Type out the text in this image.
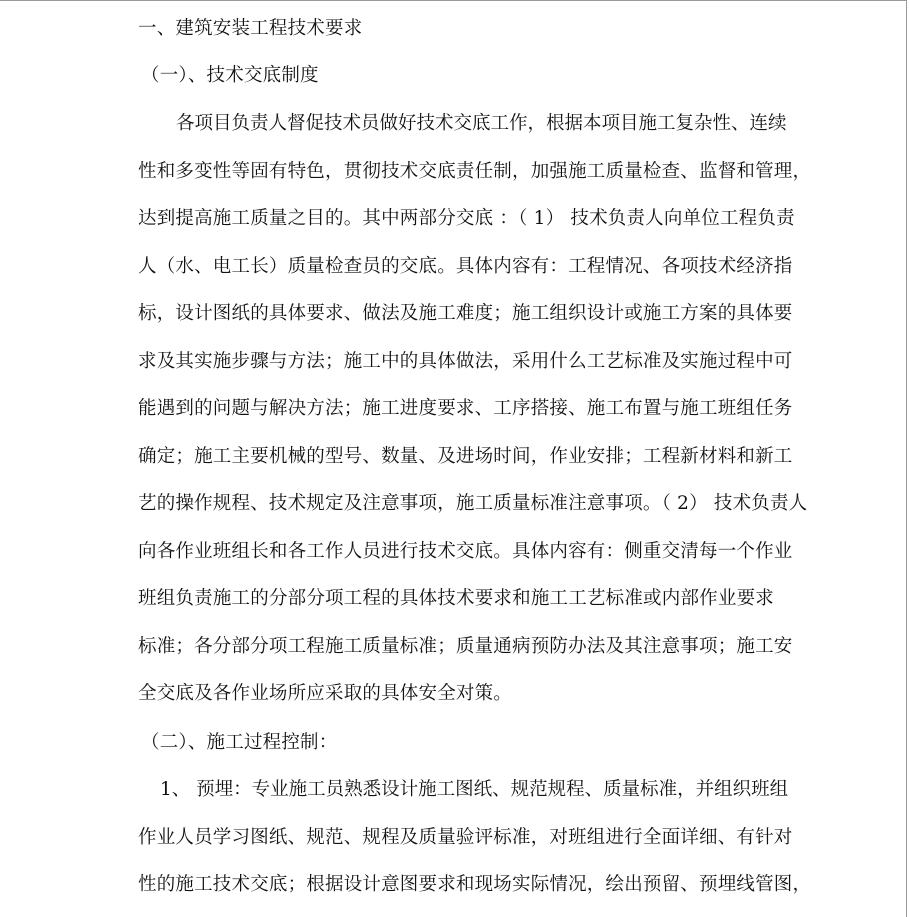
一、建筑安装工程技术要求
（一）、技术交底制度
各项目负责人督促技术员做好技术交底工作，根据本项目施工复杂性、连续
性和多变性等固有特色，贯彻技术交底责任制，加强施工质量检查、监督和管理，
达到提高施工质量之目的。其中两部分交底 ：（ 1） 技术负责人向单位工程负责
人（水、电工长）质量检查员的交底。具体内容有：工程情况、各项技术经济指
标，设计图纸的具体要求、做法及施工难度；施工组织设计或施工方案的具体要
求及其实施步骤与方法；施工中的具体做法，采用什么工艺标准及实施过程中可
能遇到的问题与解决方法；施工进度要求、工序搭接、施工布置与施工班组任务
确定；施工主要机械的型号、数量、及进场时间，作业安排；工程新材料和新工
艺的操作规程、技术规定及注意事项，施工质量标准注意事项。（ 2） 技术负责人
向各作业班组长和各工作人员进行技术交底。具体内容有：侧重交清每一个作业
班组负责施工的分部分项工程的具体技术要求和施工工艺标准或内部作业要求
标准；各分部分项工程施工质量标准；质量通病预防办法及其注意事项；施工安
全交底及各作业场所应采取的具体安全对策。
（二）、施工过程控制：
1、 预埋：专业施工员熟悉设计施工图纸、规范规程、质量标准，并组织班组
作业人员学习图纸、规范、规程及质量验评标准，对班组进行全面详细、有针对
性的施工技术交底；根据设计意图要求和现场实际情况，绘出预留、预埋线管图，
